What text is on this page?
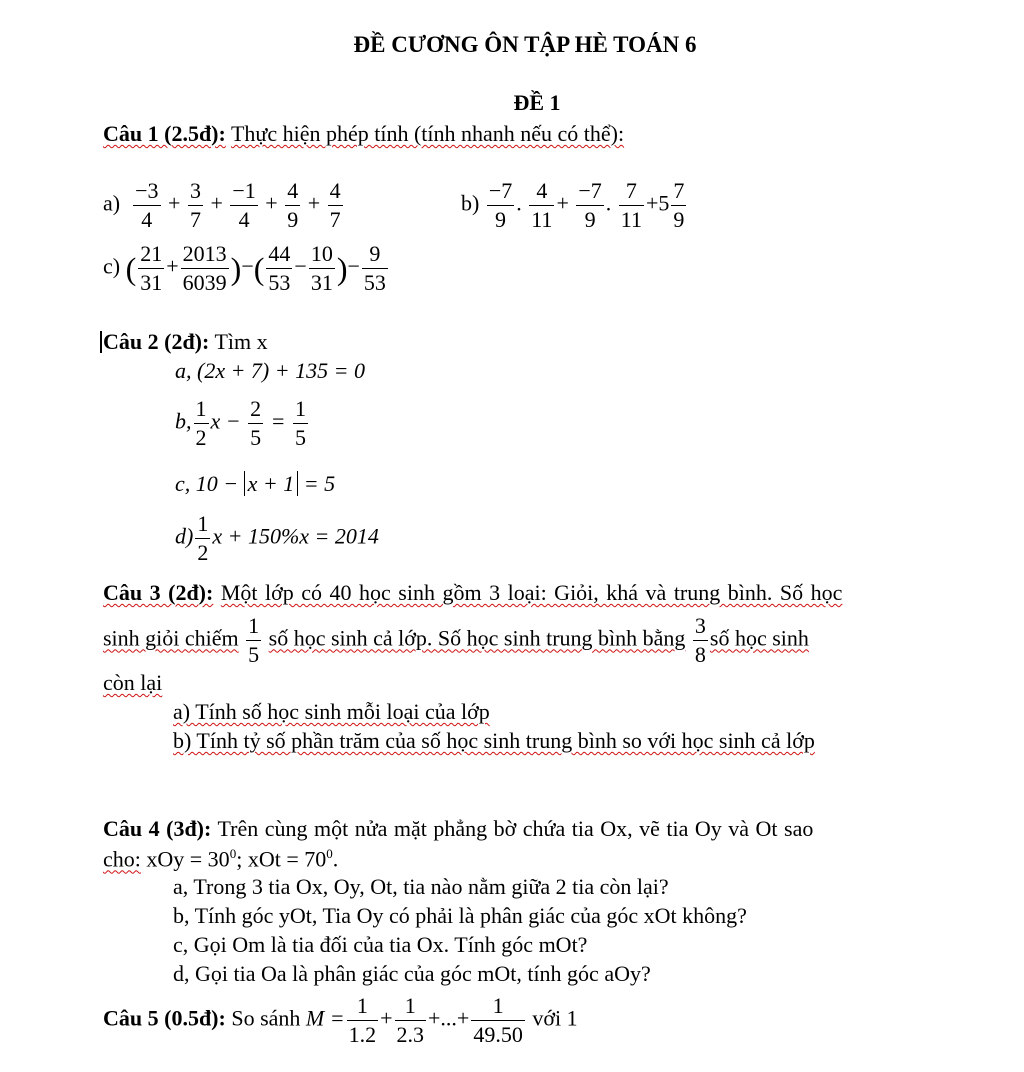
ĐỀ CƯƠNG ÔN TẬP HÈ TOÁN 6
ĐỀ 1
Câu 1 (2.5đ): Thực hiện phép tính (tính nhanh nếu có thể):
$a) \frac{-3}{4} + \frac{3}{7} + \frac{-1}{4} + \frac{4}{9} + \frac{4}{7}$	$b) \frac{-7}{9}$ . $\frac{4}{11} + \frac{-7}{9}$ . $\frac{7}{11} +5 \frac{7}{9}$
c) ( $\frac{21}{31} + \frac{2013}{6039}$ )−( $\frac{44}{53} - \frac{10}{31}$ )− $\frac{9}{53}$
Câu 2 (2đ): Tìm x
a, (2x + 7) + 135 = 0
b, $\frac{1}{2}$ $x - \frac{2}{5} = \frac{1}{5}$
c, 10 − x + 1 = 5
$d) \frac{1}{2}$ x + 150%x = 2014
Câu 3 (2đ): Một lớp có 40 học sinh gồm 3 loại: Giỏi, khá và trung bình. Số học
sinh giỏi chiếm $\frac{1}{5}$ số học sinh cả lớp. Số học sinh trung bình bằng $\frac{3}{8}$ số học sinh
còn lại
a) Tính số học sinh mỗi loại của lớp
b) Tính tỷ số phần trăm của số học sinh trung bình so với học sinh cả lớp
Câu 4 (3đ): Trên cùng một nửa mặt phẳng bờ chứa tia Ox, vẽ tia Oy và Ot sao
cho: xOy = $30^0$; xOt = $70^0$.
a, Trong 3 tia Ox, Oy, Ot, tia nào nằm giữa 2 tia còn lại?
b, Tính góc yOt, Tia Oy có phải là phân giác của góc xOt không?
c, Gọi Om là tia đối của tia Ox. Tính góc mOt?
d, Gọi tia Oa là phân giác của góc mOt, tính góc aOy?
Câu 5 (0.5đ): So sánh $M = \frac{1}{1.2} + \frac{1}{2.3}$ +...+ $\frac{1}{49.50}$ với 1
